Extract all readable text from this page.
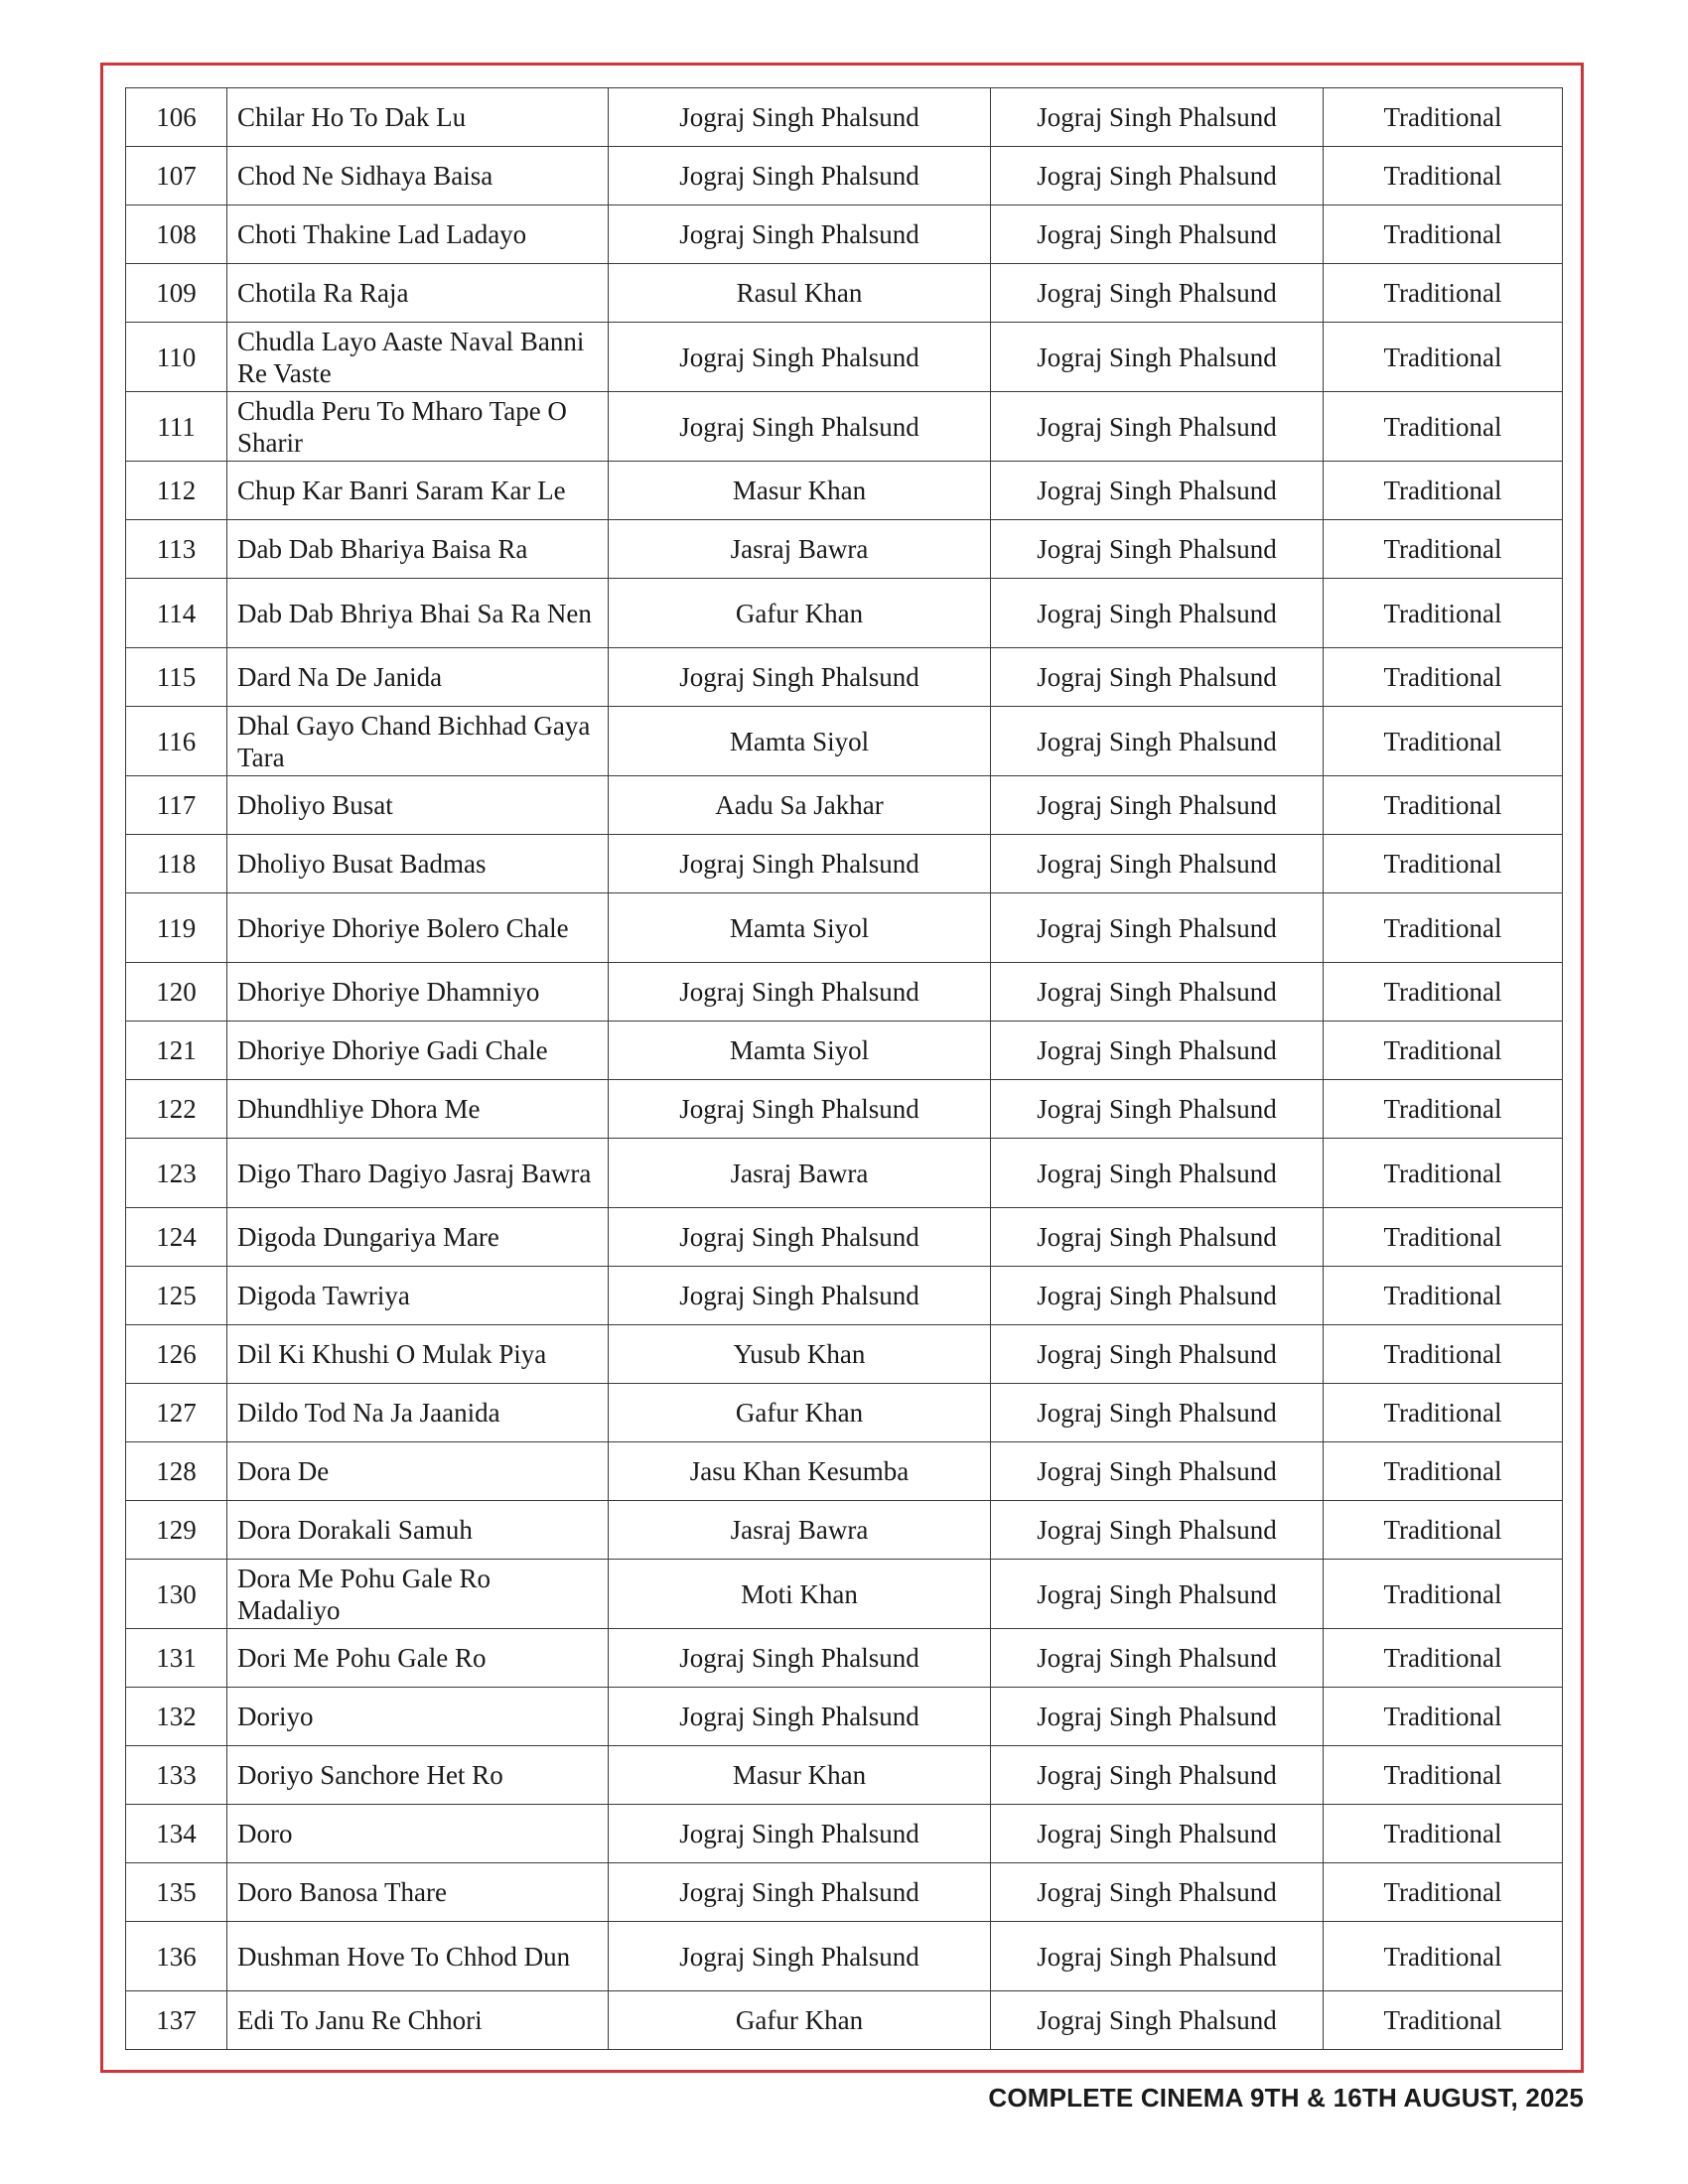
106	Chilar Ho To Dak Lu	Jograj Singh Phalsund	Jograj Singh Phalsund	Traditional
107	Chod Ne Sidhaya Baisa	Jograj Singh Phalsund	Jograj Singh Phalsund	Traditional
108	Choti Thakine Lad Ladayo	Jograj Singh Phalsund	Jograj Singh Phalsund	Traditional
109	Chotila Ra Raja	Rasul Khan	Jograj Singh Phalsund	Traditional
110	Chudla Layo Aaste Naval Banni Re Vaste	Jograj Singh Phalsund	Jograj Singh Phalsund	Traditional
111	Chudla Peru To Mharo Tape O Sharir	Jograj Singh Phalsund	Jograj Singh Phalsund	Traditional
112	Chup Kar Banri Saram Kar Le	Masur Khan	Jograj Singh Phalsund	Traditional
113	Dab Dab Bhariya Baisa Ra	Jasraj Bawra	Jograj Singh Phalsund	Traditional
114	Dab Dab Bhriya Bhai Sa Ra Nen	Gafur Khan	Jograj Singh Phalsund	Traditional
115	Dard Na De Janida	Jograj Singh Phalsund	Jograj Singh Phalsund	Traditional
116	Dhal Gayo Chand Bichhad Gaya Tara	Mamta Siyol	Jograj Singh Phalsund	Traditional
117	Dholiyo Busat	Aadu Sa Jakhar	Jograj Singh Phalsund	Traditional
118	Dholiyo Busat Badmas	Jograj Singh Phalsund	Jograj Singh Phalsund	Traditional
119	Dhoriye Dhoriye Bolero Chale	Mamta Siyol	Jograj Singh Phalsund	Traditional
120	Dhoriye Dhoriye Dhamniyo	Jograj Singh Phalsund	Jograj Singh Phalsund	Traditional
121	Dhoriye Dhoriye Gadi Chale	Mamta Siyol	Jograj Singh Phalsund	Traditional
122	Dhundhliye Dhora Me	Jograj Singh Phalsund	Jograj Singh Phalsund	Traditional
123	Digo Tharo Dagiyo Jasraj Bawra	Jasraj Bawra	Jograj Singh Phalsund	Traditional
124	Digoda Dungariya Mare	Jograj Singh Phalsund	Jograj Singh Phalsund	Traditional
125	Digoda Tawriya	Jograj Singh Phalsund	Jograj Singh Phalsund	Traditional
126	Dil Ki Khushi O Mulak Piya	Yusub Khan	Jograj Singh Phalsund	Traditional
127	Dildo Tod Na Ja Jaanida	Gafur Khan	Jograj Singh Phalsund	Traditional
128	Dora De	Jasu Khan Kesumba	Jograj Singh Phalsund	Traditional
129	Dora Dorakali Samuh	Jasraj Bawra	Jograj Singh Phalsund	Traditional
130	Dora Me Pohu Gale Ro Madaliyo	Moti Khan	Jograj Singh Phalsund	Traditional
131	Dori Me Pohu Gale Ro	Jograj Singh Phalsund	Jograj Singh Phalsund	Traditional
132	Doriyo	Jograj Singh Phalsund	Jograj Singh Phalsund	Traditional
133	Doriyo Sanchore Het Ro	Masur Khan	Jograj Singh Phalsund	Traditional
134	Doro	Jograj Singh Phalsund	Jograj Singh Phalsund	Traditional
135	Doro Banosa Thare	Jograj Singh Phalsund	Jograj Singh Phalsund	Traditional
136	Dushman Hove To Chhod Dun	Jograj Singh Phalsund	Jograj Singh Phalsund	Traditional
137	Edi To Janu Re Chhori	Gafur Khan	Jograj Singh Phalsund	Traditional
COMPLETE CINEMA 9TH & 16TH AUGUST, 2025
